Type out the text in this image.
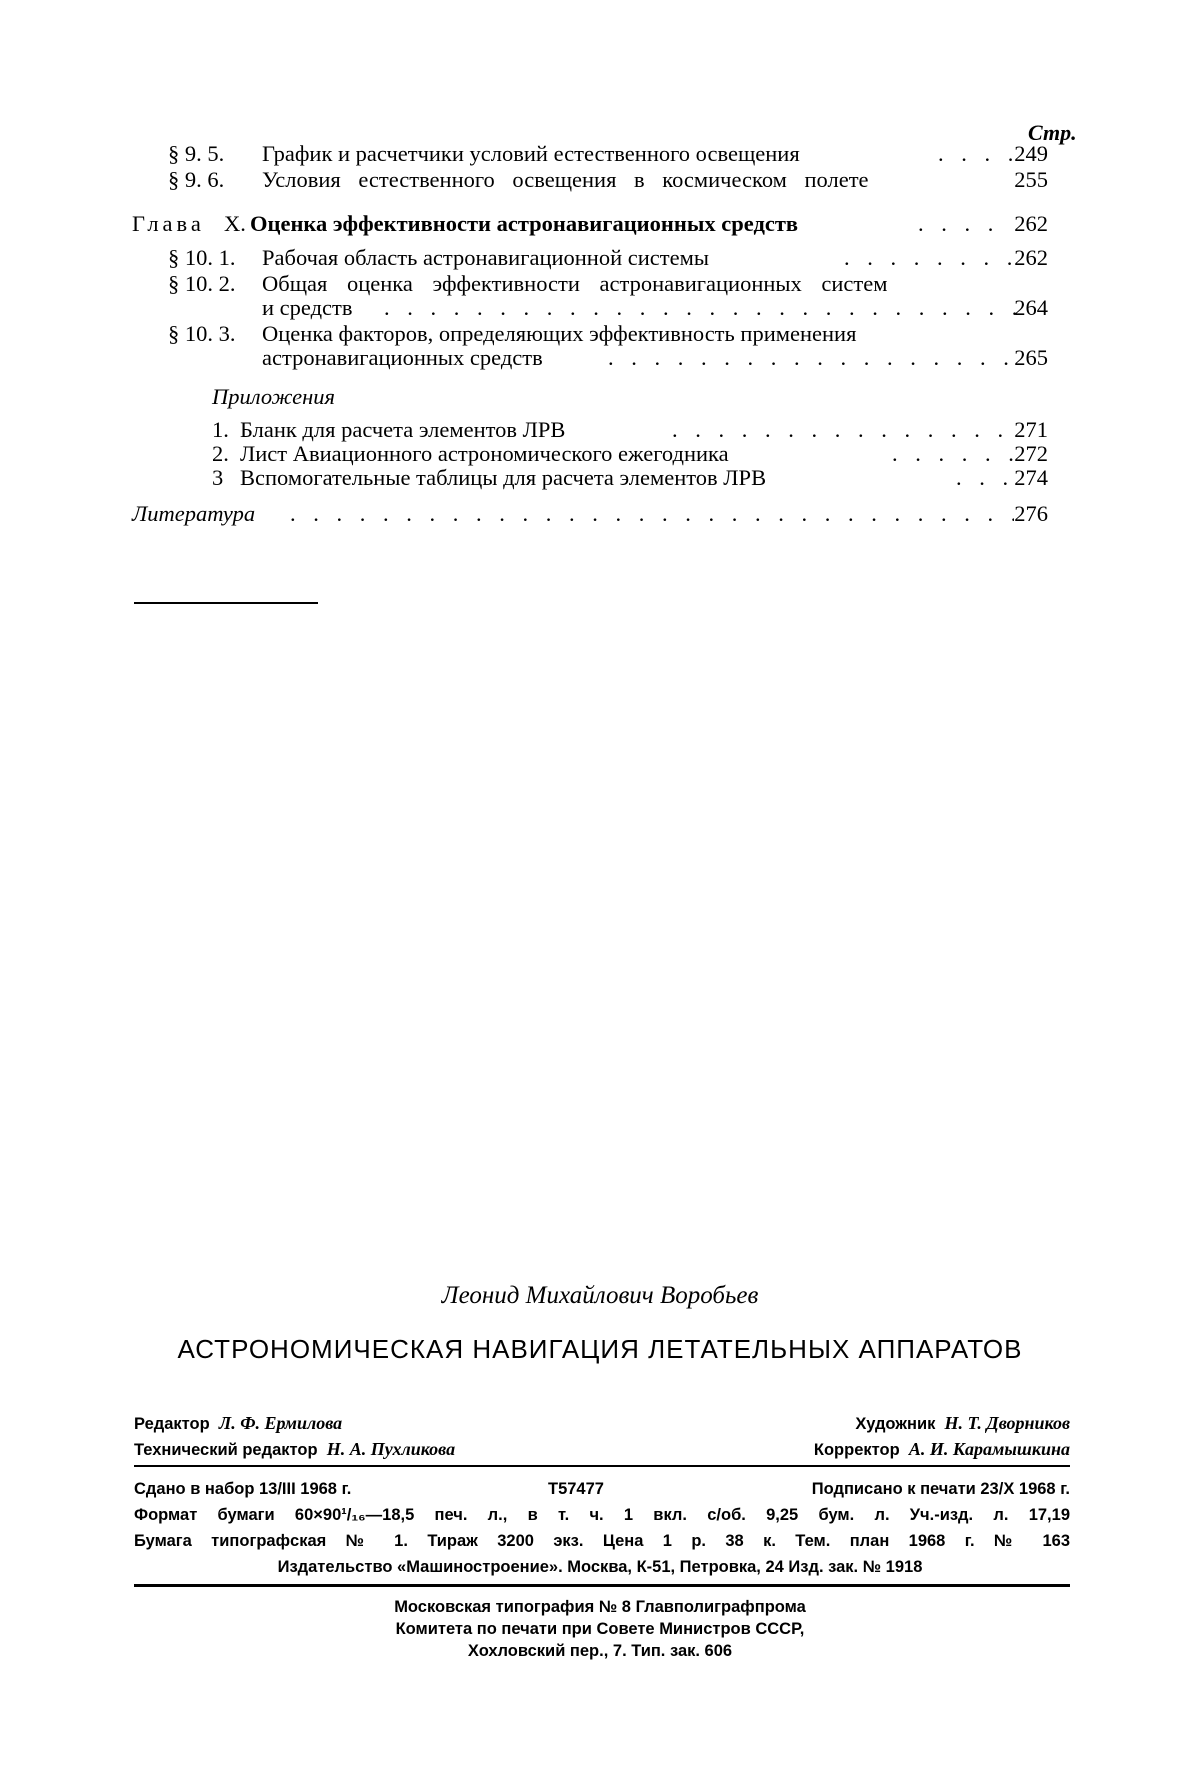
Стр.
§ 9. 5. График и расчетчики условий естественного освещения	. . . 249
§ 9. 6. Условия естественного освещения в космическом полете	255
Глава X. Оценка эффективности астронавигационных средств	. . . . 262
§ 10. 1. Рабочая область астронавигационной системы	. . . . . . . 262
§ 10. 2. Общая оценка эффективности астронавигационных систем
и средств . . . . . . . . . . . . . . . . . . . . . . . . . . . 264
§ 10. 3. Оценка факторов, определяющих эффективность применения
астронавигационных средств	. . . . . . . . . . . . . . . . . . 265
Приложения
1. Бланк для расчета элементов ЛРВ	. . . . . . . . . . . . . . . 271
2. Лист Авиационного астрономического ежегодника	. . . . . 272
3 Вспомогательные таблицы для расчета элементов ЛРВ	. . . 274
Литература . . . . . . . . . . . . . . . . . . . . . . . . . . . . . . . 276
Леонид Михайлович Воробьев
АСТРОНОМИЧЕСКАЯ НАВИГАЦИЯ ЛЕТАТЕЛЬНЫХ АППАРАТОВ
Редактор Л. Ф. Ермилова	Художник Н. Т. Дворников
Технический редактор Н. А. Пухликова	Корректор А. И. Карамышкина
Сдано в набор 13/III 1968 г.	Т57477	Подписано к печати 23/Х 1968 г.
Формат бумаги 60×90¹/₁₆—18,5 печ. л., в т. ч. 1 вкл. с/об. 9,25 бум. л. Уч.-изд. л. 17,19
Бумага типографская № 1. Тираж 3200 экз. Цена 1 р. 38 к. Тем. план 1968 г. № 163
Издательство «Машиностроение». Москва, К-51, Петровка, 24 Изд. зак. № 1918
Московская типография № 8 Главполиграфпрома
Комитета по печати при Совете Министров СССР,
Хохловский пер., 7. Тип. зак. 606
